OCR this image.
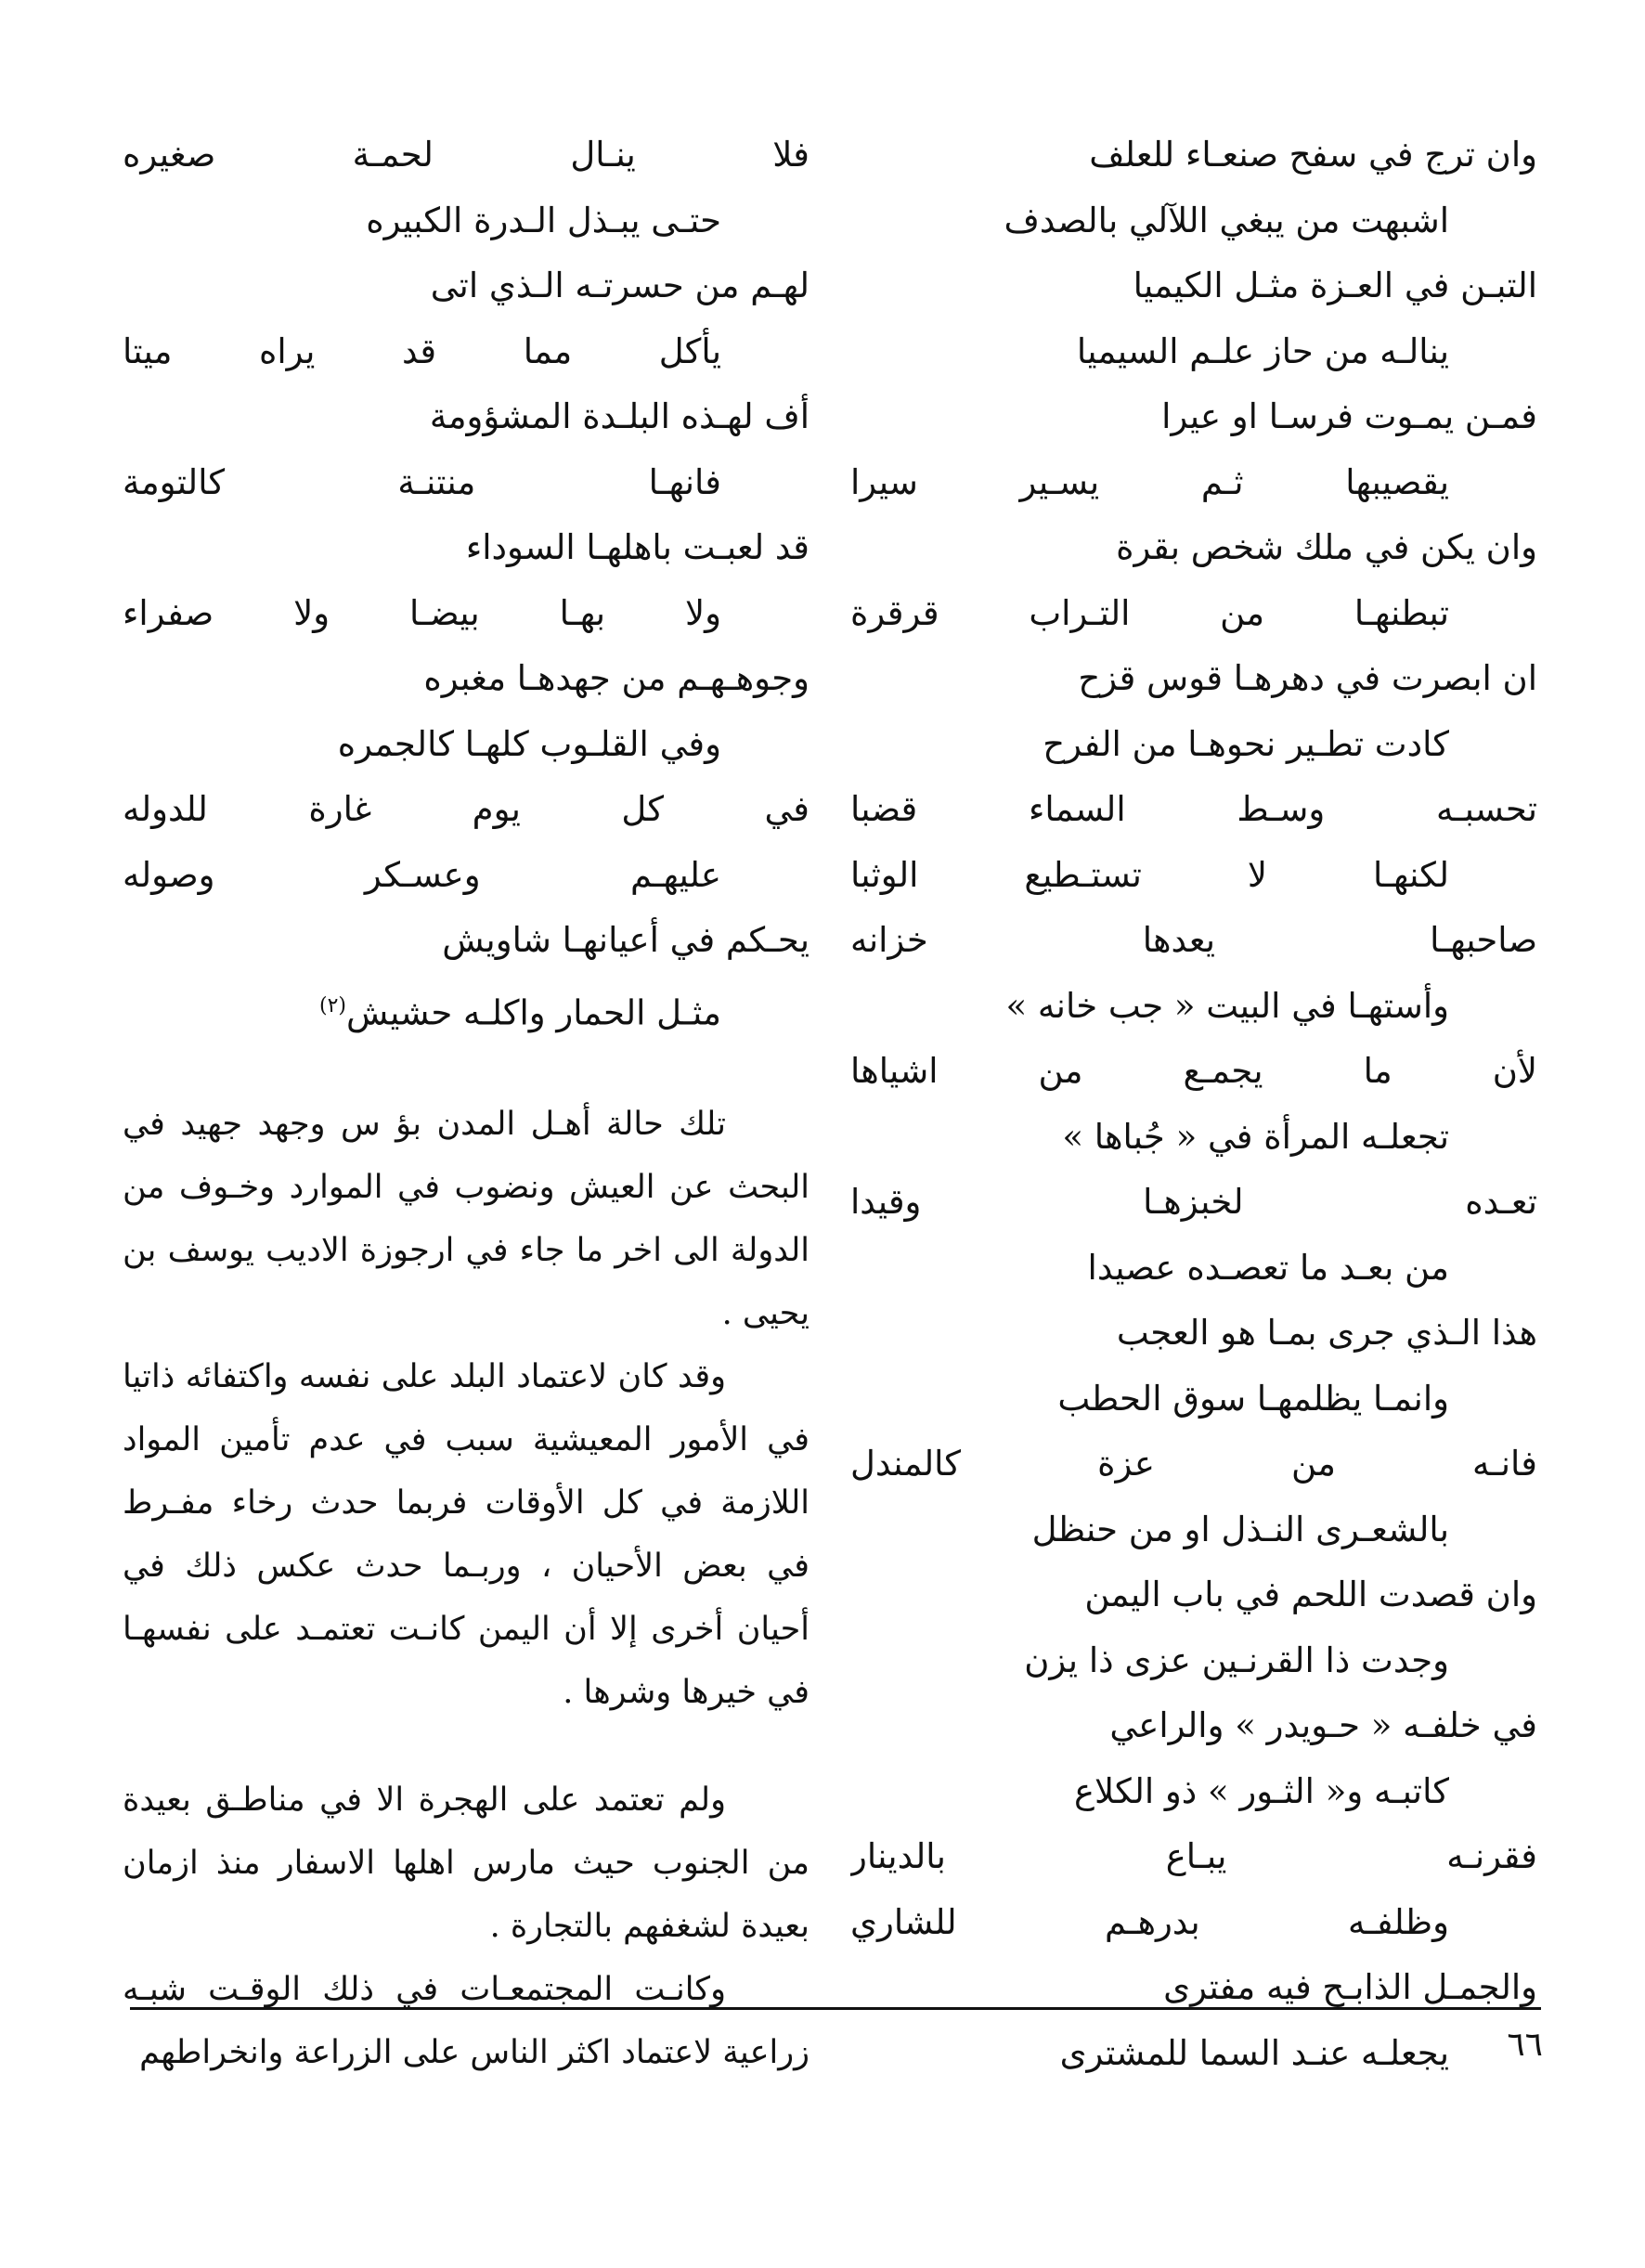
وان ترج في سفح صنعـاء للعلف
اشبهت من يبغي اللآلي بالصدف
التبـن في العـزة مثـل الكيميا
ينالـه من حاز علـم السيميا
فمـن يمـوت فرسـا او عيرا
يقصيبها ثـم يسـير سيرا
وان يكن في ملك شخص بقرة
تبطنهـا من التـراب قرقرة
ان ابصرت في دهرهـا قوس قزح
كادت تطـير نحوهـا من الفرح
تحسبـه وسـط السماء قضبا
لكنهـا لا تستـطيع الوثبا
صاحبهـا يعدها خزانه
وأستهـا في البيت « جب خانه »
لأن ما يجمـع من اشياها
تجعلـه المرأة في « جُباها »
تعـده لخبزهـا وقيدا
من بعـد ما تعصـده عصيدا
هذا الـذي جرى بمـا هو العجب
وانمـا يظلمهـا سوق الحطب
فانـه من عزة كالمندل
بالشعـرى النـذل او من حنظل
وان قصدت اللحم في باب اليمن
وجدت ذا القرنـين عزى ذا يزن
في خلفـه « حـويدر » والراعي
كاتبـه و« الثـور » ذو الكلاع
فقرنـه يبـاع بالدينار
وظلفـه بدرهـم للشاري
والجمـل الذابـح فيه مفترى
يجعلـه عنـد السما للمشترى
فلا ينـال لحمـة صغيره
حتـى يبـذل الـدرة الكبيره
لهـم من حسرتـه الـذي اتى
يأكل مما قد يراه ميتا
أف لهـذه البلـدة المشؤومة
فانهـا منتنـة كالتومة
قد لعبـت باهلهـا السوداء
ولا بهـا بيضـا ولا صفراء
وجوهـهـم من جهدهـا مغبره
وفي القلـوب كلهـا كالجمره
في كل يوم غارة للدوله
عليهـم وعسـكر وصوله
يحـكم في أعيانهـا شاويش
مثـل الحمار واكلـه حشيش$^{(٢)}$

تلك حالة أهـل المدن بؤ س وجهد جهيد في البحث عن العيش ونضوب في الموارد وخـوف من الدولة الى اخر ما جاء في ارجوزة الاديب يوسف بن يحيى .

وقد كان لاعتماد البلد على نفسه واكتفائه ذاتيا في الأمور المعيشية سبب في عدم تأمين المواد اللازمة في كل الأوقات فربما حدث رخاء مفـرط في بعض الأحيان ، وربـما حدث عكس ذلك في أحيان أخرى إلا أن اليمن كانـت تعتمـد على نفسهـا في خيرها وشرها .

ولم تعتمد على الهجرة الا في مناطـق بعيدة من الجنوب حيث مارس اهلها الاسفار منذ ازمان بعيدة لشغفهم بالتجارة .

وكانـت المجتمعـات في ذلك الوقـت شبـه زراعية لاعتماد اكثر الناس على الزراعة وانخراطهم	٦٦
